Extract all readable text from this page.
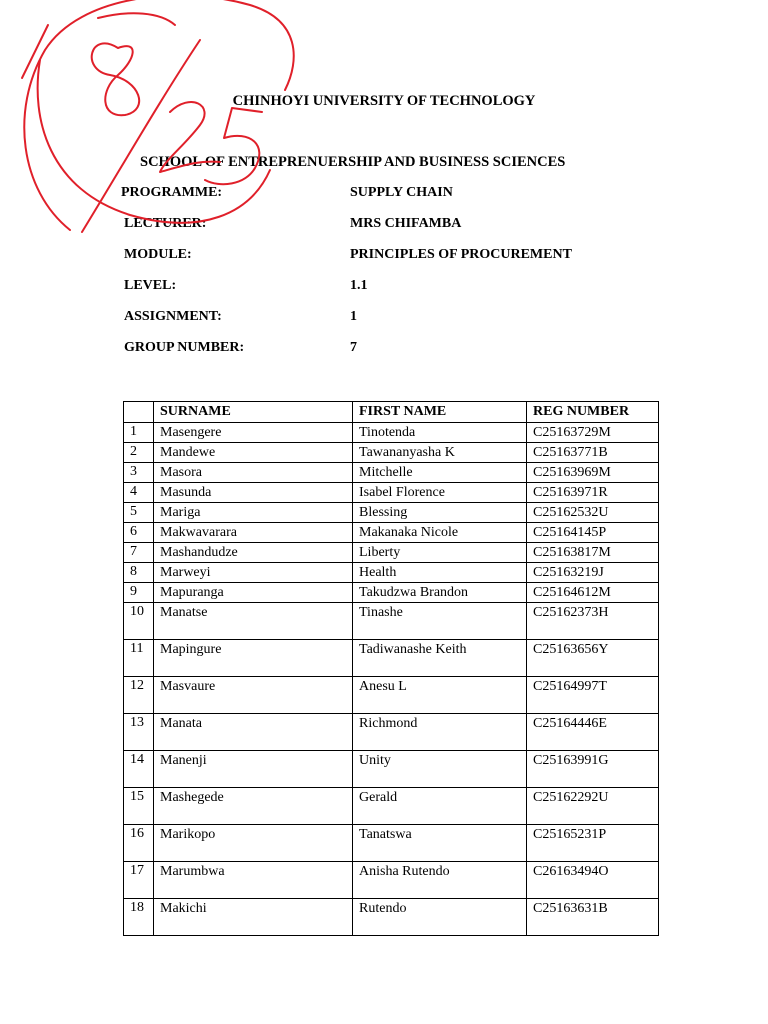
CHINHOYI UNIVERSITY OF TECHNOLOGY
SCHOOL OF ENTREPRENUERSHIP AND BUSINESS SCIENCES
PROGRAMME:	SUPPLY CHAIN
LECTURER:	MRS CHIFAMBA
MODULE:	PRINCIPLES OF PROCUREMENT
LEVEL:	1.1
ASSIGNMENT:	1
GROUP NUMBER:	7
	SURNAME	FIRST NAME	REG NUMBER
1	Masengere	Tinotenda	C25163729M
2	Mandewe	Tawananyasha K	C25163771B
3	Masora	Mitchelle	C25163969M
4	Masunda	Isabel Florence	C25163971R
5	Mariga	Blessing	C25162532U
6	Makwavarara	Makanaka Nicole	C25164145P
7	Mashandudze	Liberty	C25163817M
8	Marweyi	Health	C25163219J
9	Mapuranga	Takudzwa Brandon	C25164612M
10	Manatse	Tinashe	C25162373H
11	Mapingure	Tadiwanashe Keith	C25163656Y
12	Masvaure	Anesu L	C25164997T
13	Manata	Richmond	C25164446E
14	Manenji	Unity	C25163991G
15	Mashegede	Gerald	C25162292U
16	Marikopo	Tanatswa	C25165231P
17	Marumbwa	Anisha Rutendo	C26163494O
18	Makichi	Rutendo	C25163631B
